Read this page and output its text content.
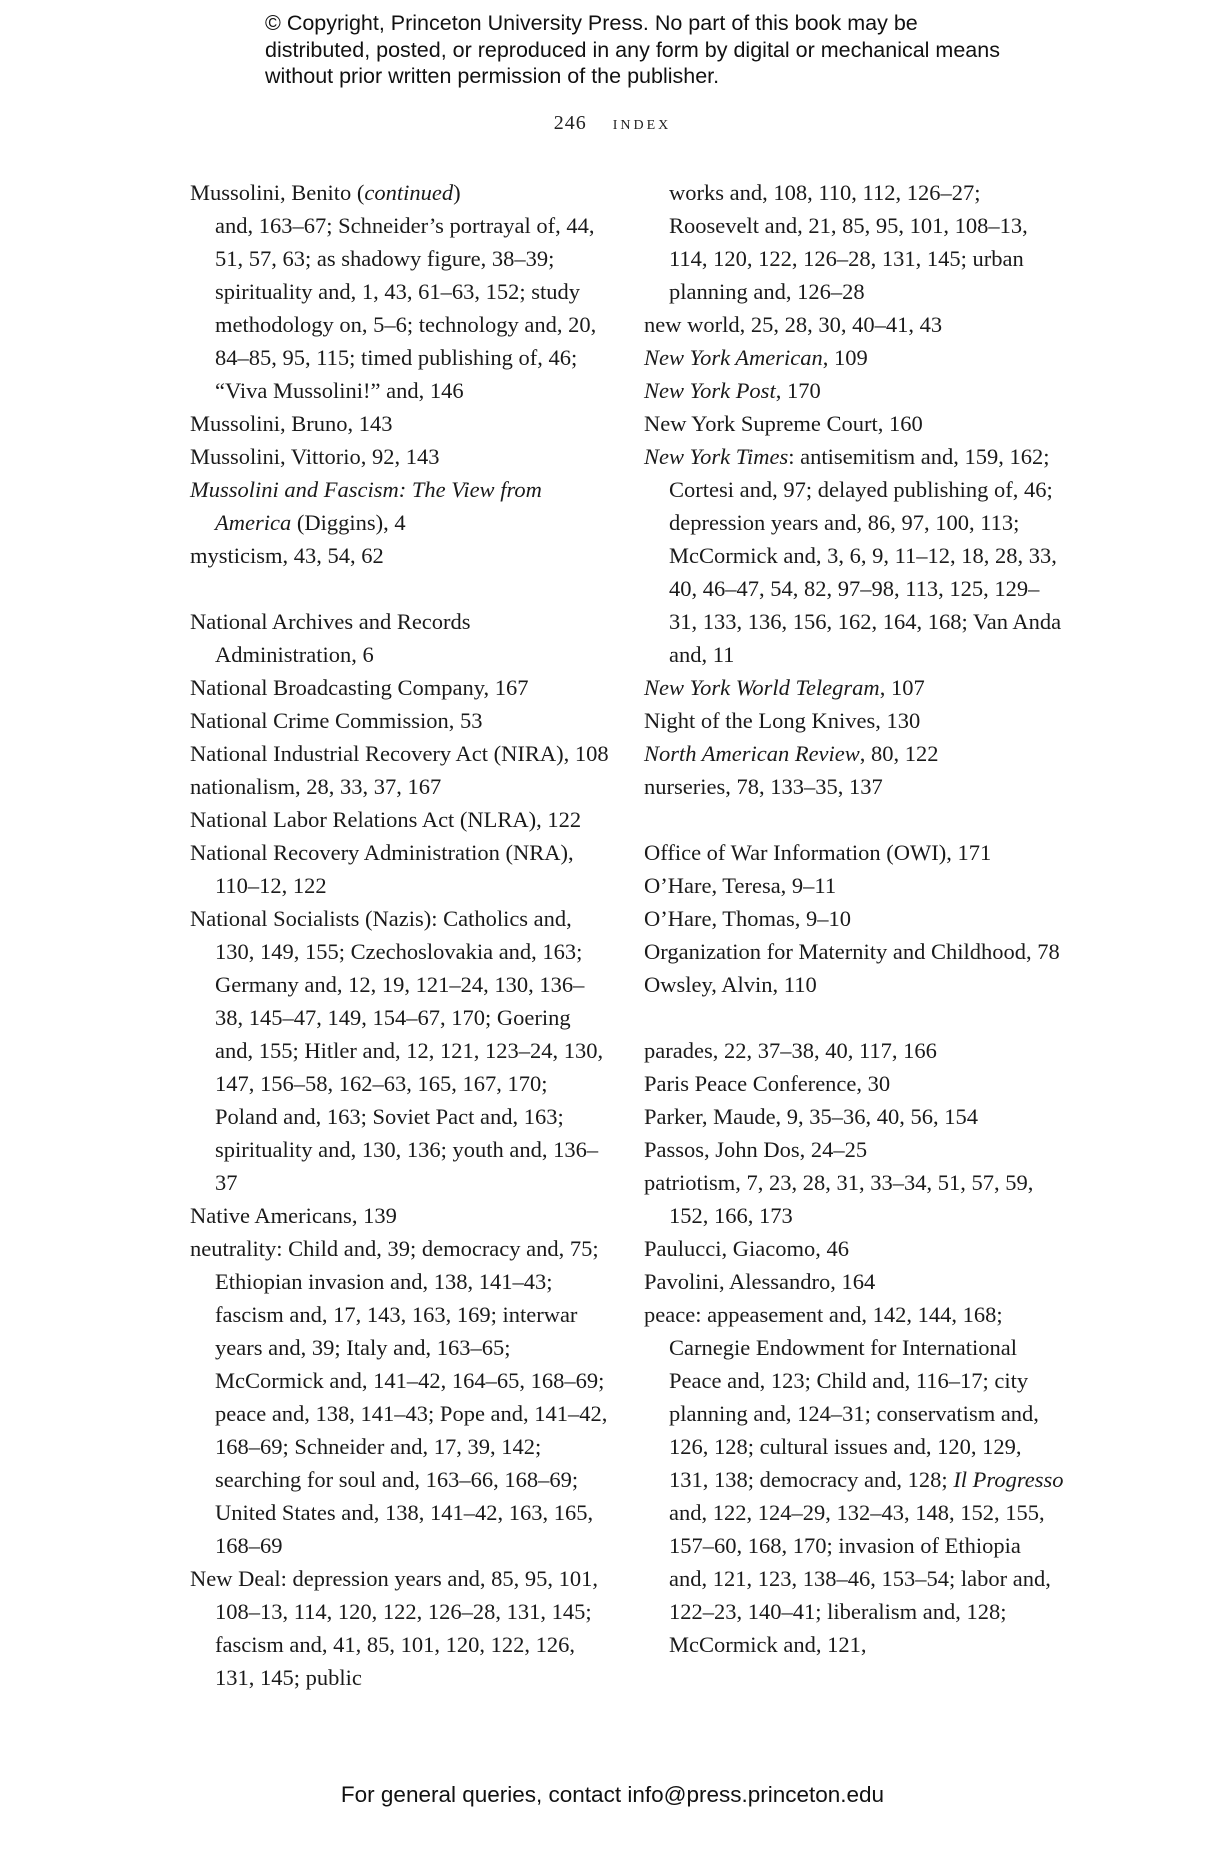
© Copyright, Princeton University Press. No part of this book may be distributed, posted, or reproduced in any form by digital or mechanical means without prior written permission of the publisher.
246 index
Mussolini, Benito (continued)
and, 163–67; Schneider’s portrayal of, 44, 51, 57, 63; as shadowy figure, 38–39; spirituality and, 1, 43, 61–63, 152; study methodology on, 5–6; technology and, 20, 84–85, 95, 115; timed publishing of, 46; “Viva Mussolini!” and, 146
Mussolini, Bruno, 143
Mussolini, Vittorio, 92, 143
Mussolini and Fascism: The View from America (Diggins), 4
mysticism, 43, 54, 62
National Archives and Records Administration, 6
National Broadcasting Company, 167
National Crime Commission, 53
National Industrial Recovery Act (NIRA), 108
nationalism, 28, 33, 37, 167
National Labor Relations Act (NLRA), 122
National Recovery Administration (NRA), 110–12, 122
National Socialists (Nazis): Catholics and, 130, 149, 155; Czechoslovakia and, 163; Germany and, 12, 19, 121–24, 130, 136–38, 145–47, 149, 154–67, 170; Goering and, 155; Hitler and, 12, 121, 123–24, 130, 147, 156–58, 162–63, 165, 167, 170; Poland and, 163; Soviet Pact and, 163; spirituality and, 130, 136; youth and, 136–37
Native Americans, 139
neutrality: Child and, 39; democracy and, 75; Ethiopian invasion and, 138, 141–43; fascism and, 17, 143, 163, 169; interwar years and, 39; Italy and, 163–65; McCormick and, 141–42, 164–65, 168–69; peace and, 138, 141–43; Pope and, 141–42, 168–69; Schneider and, 17, 39, 142; searching for soul and, 163–66, 168–69; United States and, 138, 141–42, 163, 165, 168–69
New Deal: depression years and, 85, 95, 101, 108–13, 114, 120, 122, 126–28, 131, 145; fascism and, 41, 85, 101, 120, 122, 126, 131, 145; public
works and, 108, 110, 112, 126–27; Roosevelt and, 21, 85, 95, 101, 108–13, 114, 120, 122, 126–28, 131, 145; urban planning and, 126–28
new world, 25, 28, 30, 40–41, 43
New York American, 109
New York Post, 170
New York Supreme Court, 160
New York Times: antisemitism and, 159, 162; Cortesi and, 97; delayed publishing of, 46; depression years and, 86, 97, 100, 113; McCormick and, 3, 6, 9, 11–12, 18, 28, 33, 40, 46–47, 54, 82, 97–98, 113, 125, 129–31, 133, 136, 156, 162, 164, 168; Van Anda and, 11
New York World Telegram, 107
Night of the Long Knives, 130
North American Review, 80, 122
nurseries, 78, 133–35, 137
Office of War Information (OWI), 171
O’Hare, Teresa, 9–11
O’Hare, Thomas, 9–10
Organization for Maternity and Childhood, 78
Owsley, Alvin, 110
parades, 22, 37–38, 40, 117, 166
Paris Peace Conference, 30
Parker, Maude, 9, 35–36, 40, 56, 154
Passos, John Dos, 24–25
patriotism, 7, 23, 28, 31, 33–34, 51, 57, 59, 152, 166, 173
Paulucci, Giacomo, 46
Pavolini, Alessandro, 164
peace: appeasement and, 142, 144, 168; Carnegie Endowment for International Peace and, 123; Child and, 116–17; city planning and, 124–31; conservatism and, 126, 128; cultural issues and, 120, 129, 131, 138; democracy and, 128; Il Progresso and, 122, 124–29, 132–43, 148, 152, 155, 157–60, 168, 170; invasion of Ethiopia and, 121, 123, 138–46, 153–54; labor and, 122–23, 140–41; liberalism and, 128; McCormick and, 121,
For general queries, contact info@press.princeton.edu
